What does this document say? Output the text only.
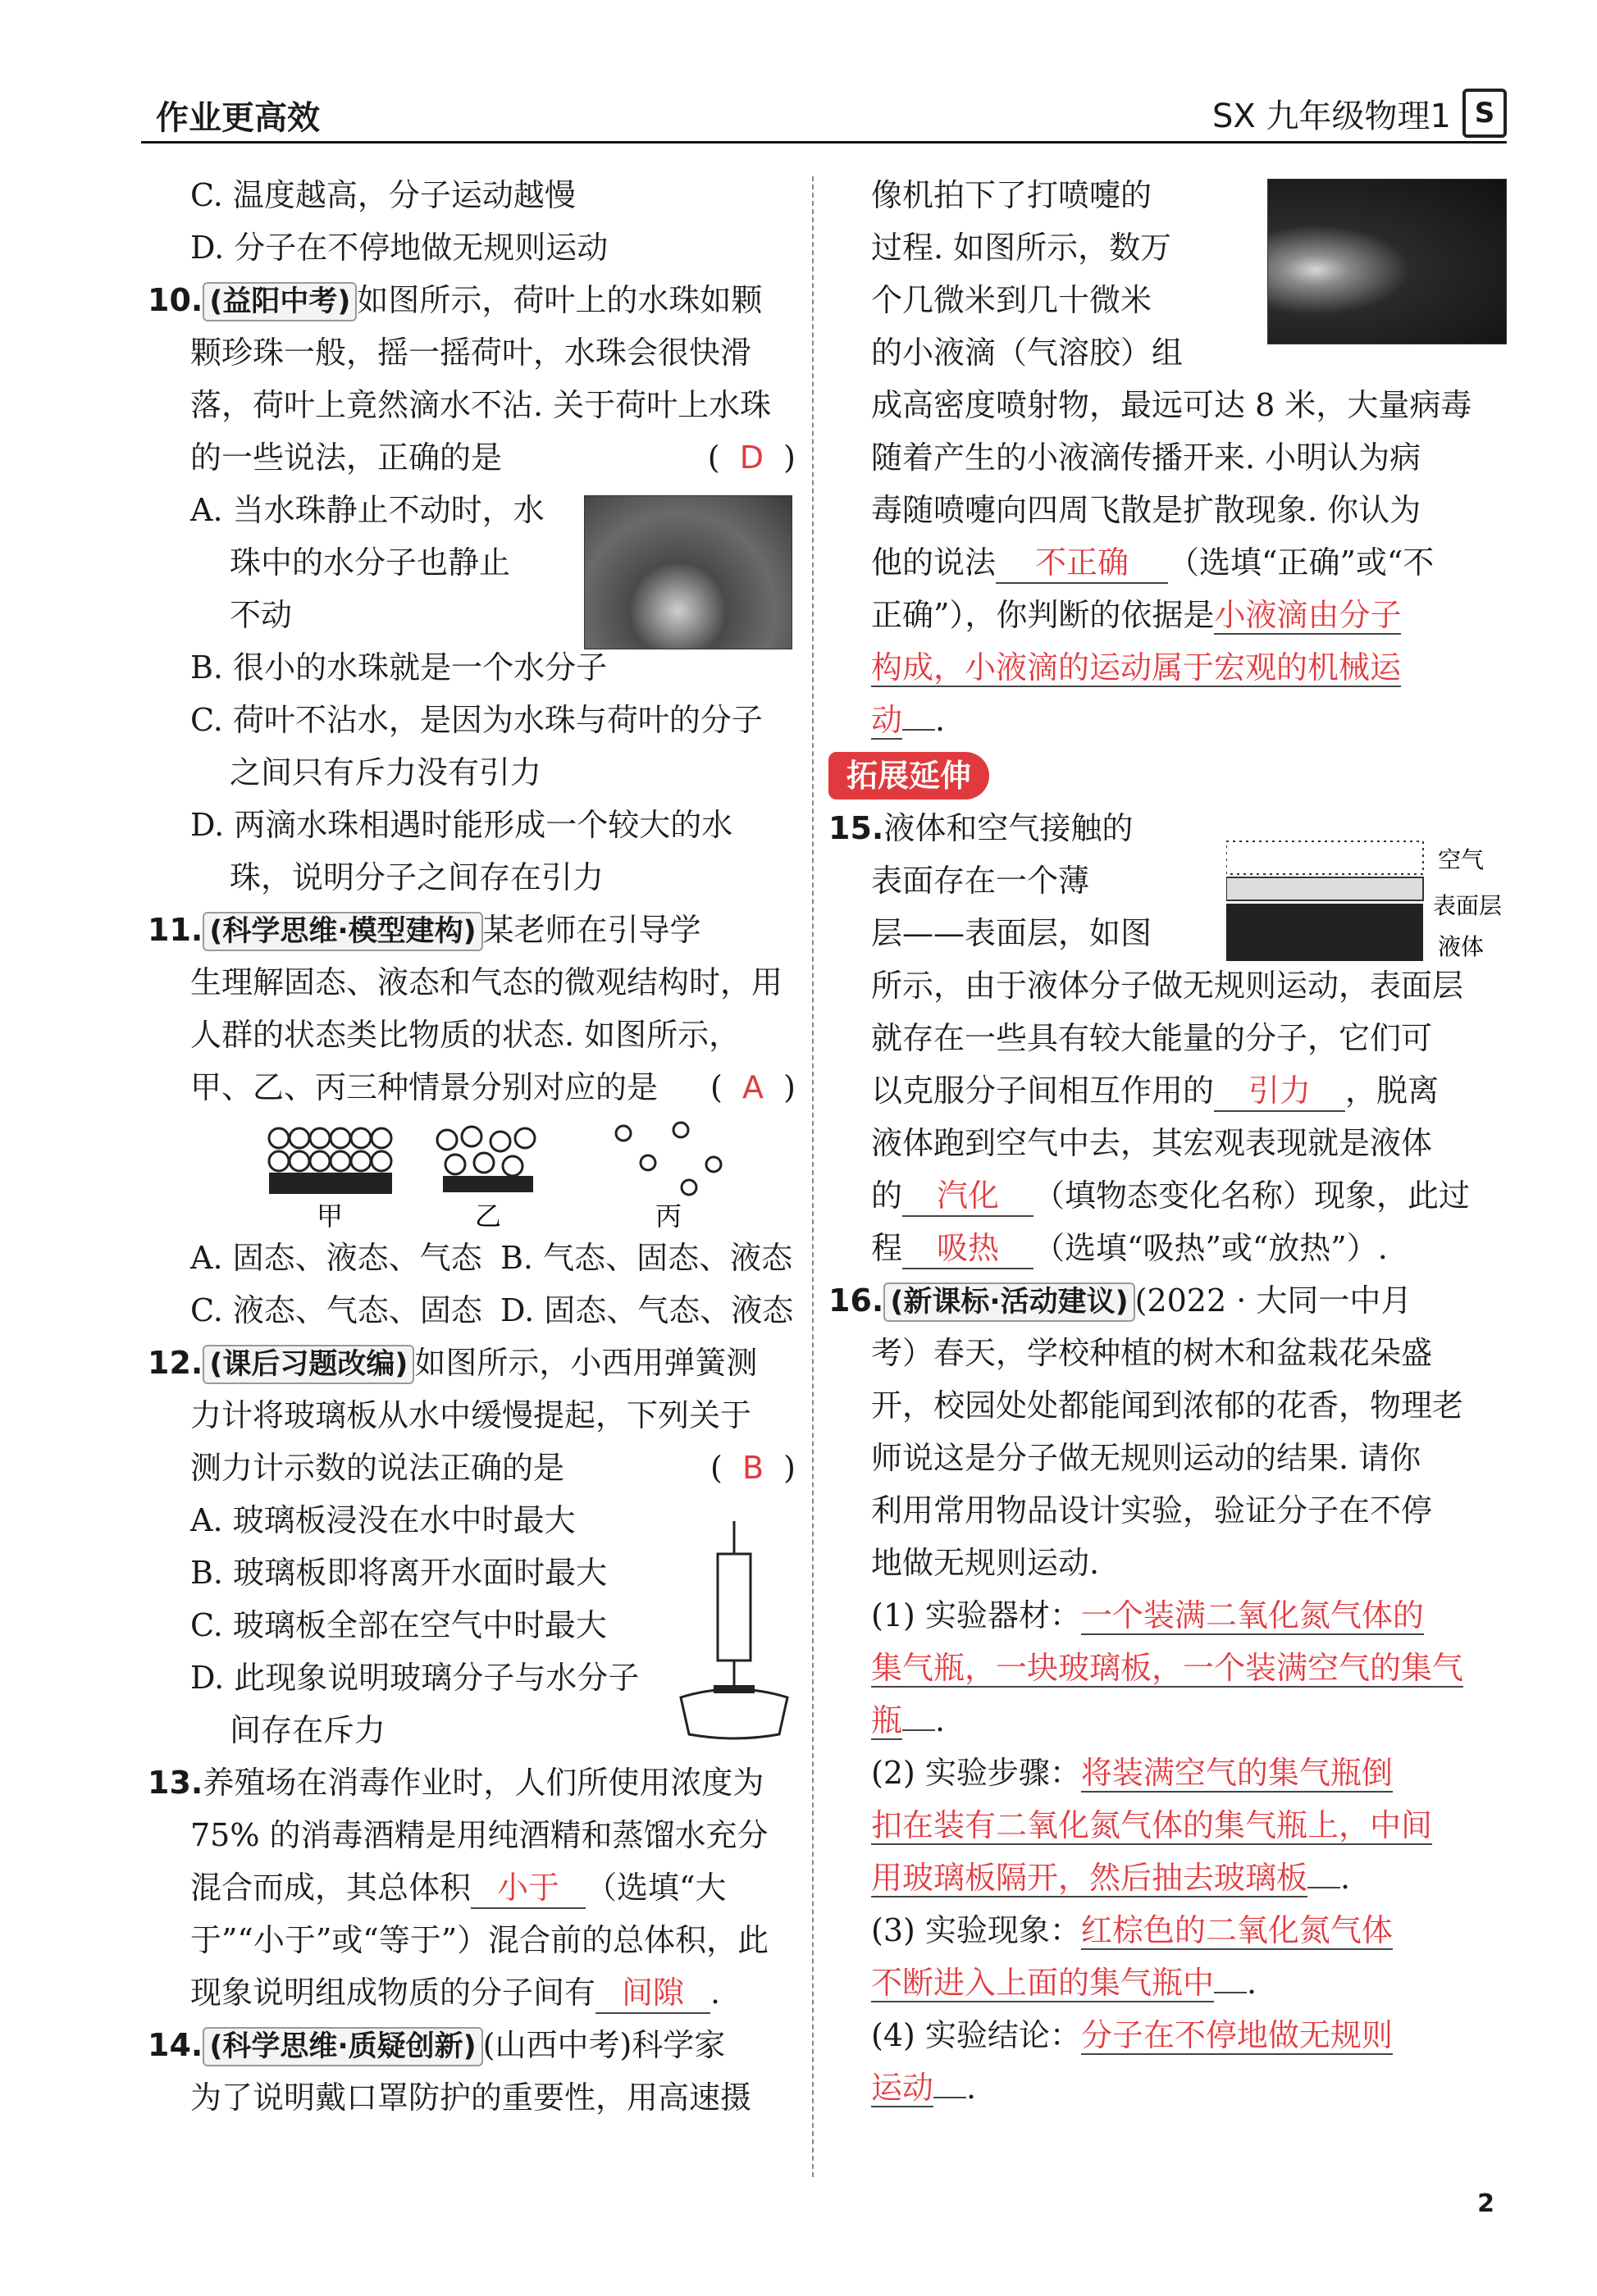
作业更高效	SX 九年级物理1 S
C. 温度越高，分子运动越慢
D. 分子在不停地做无规则运动
10. (益阳中考) 如图所示，荷叶上的水珠如颗
颗珍珠一般，摇一摇荷叶，水珠会很快滑
落，荷叶上竟然滴水不沾. 关于荷叶上水珠
的一些说法，正确的是	(  D  )
A. 当水珠静止不动时，水
珠中的水分子也静止
不动
B. 很小的水珠就是一个水分子
C. 荷叶不沾水，是因为水珠与荷叶的分子
之间只有斥力没有引力
D. 两滴水珠相遇时能形成一个较大的水
珠，说明分子之间存在引力
11. (科学思维·模型建构) 某老师在引导学
生理解固态、液态和气态的微观结构时，用
人群的状态类比物质的状态. 如图所示，
甲、乙、丙三种情景分别对应的是 (  A  )
甲	乙	丙
A. 固态、液态、气态 B. 气态、固态、液态
C. 液态、气态、固态 D. 固态、气态、液态
12. (课后习题改编) 如图所示，小西用弹簧测
力计将玻璃板从水中缓慢提起，下列关于
测力计示数的说法正确的是	(  B  )
A. 玻璃板浸没在水中时最大
B. 玻璃板即将离开水面时最大
C. 玻璃板全部在空气中时最大
D. 此现象说明玻璃分子与水分子
间存在斥力
13.养殖场在消毒作业时，人们所使用浓度为
75% 的消毒酒精是用纯酒精和蒸馏水充分
混合而成，其总体积 小于 （选填“大
于”“小于”或“等于”）混合前的总体积，此
现象说明组成物质的分子间有 间隙 .
14. (科学思维·质疑创新) (山西中考)科学家
为了说明戴口罩防护的重要性，用高速摄
像机拍下了打喷嚏的
过程. 如图所示，数万
个几微米到几十微米
的小液滴（气溶胶）组
成高密度喷射物，最远可达 8 米，大量病毒
随着产生的小液滴传播开来. 小明认为病
毒随喷嚏向四周飞散是扩散现象. 你认为
他的说法 不正确 （选填“正确”或“不
正确”），你判断的依据是小液滴由分子
构成，小液滴的运动属于宏观的机械运
动 .
拓展延伸
15.液体和空气接触的
表面存在一个薄
层——表面层，如图
所示，由于液体分子做无规则运动，表面层
就存在一些具有较大能量的分子，它们可
以克服分子间相互作用的 引力 ，脱离
液体跑到空气中去，其宏观表现就是液体
的 汽化 （填物态变化名称）现象，此过
程 吸热 （选填“吸热”或“放热”）.
16. (新课标·活动建议) (2022 · 大同一中月
考）春天，学校种植的树木和盆栽花朵盛
开，校园处处都能闻到浓郁的花香，物理老
师说这是分子做无规则运动的结果. 请你
利用常用物品设计实验，验证分子在不停
地做无规则运动.
(1) 实验器材：一个装满二氧化氮气体的
集气瓶，一块玻璃板，一个装满空气的集气
瓶 .
(2) 实验步骤：将装满空气的集气瓶倒
扣在装有二氧化氮气体的集气瓶上，中间
用玻璃板隔开，然后抽去玻璃板 .
(3) 实验现象：红棕色的二氧化氮气体
不断进入上面的集气瓶中 .
(4) 实验结论：分子在不停地做无规则
运动 .
空气
表面层
液体
2
